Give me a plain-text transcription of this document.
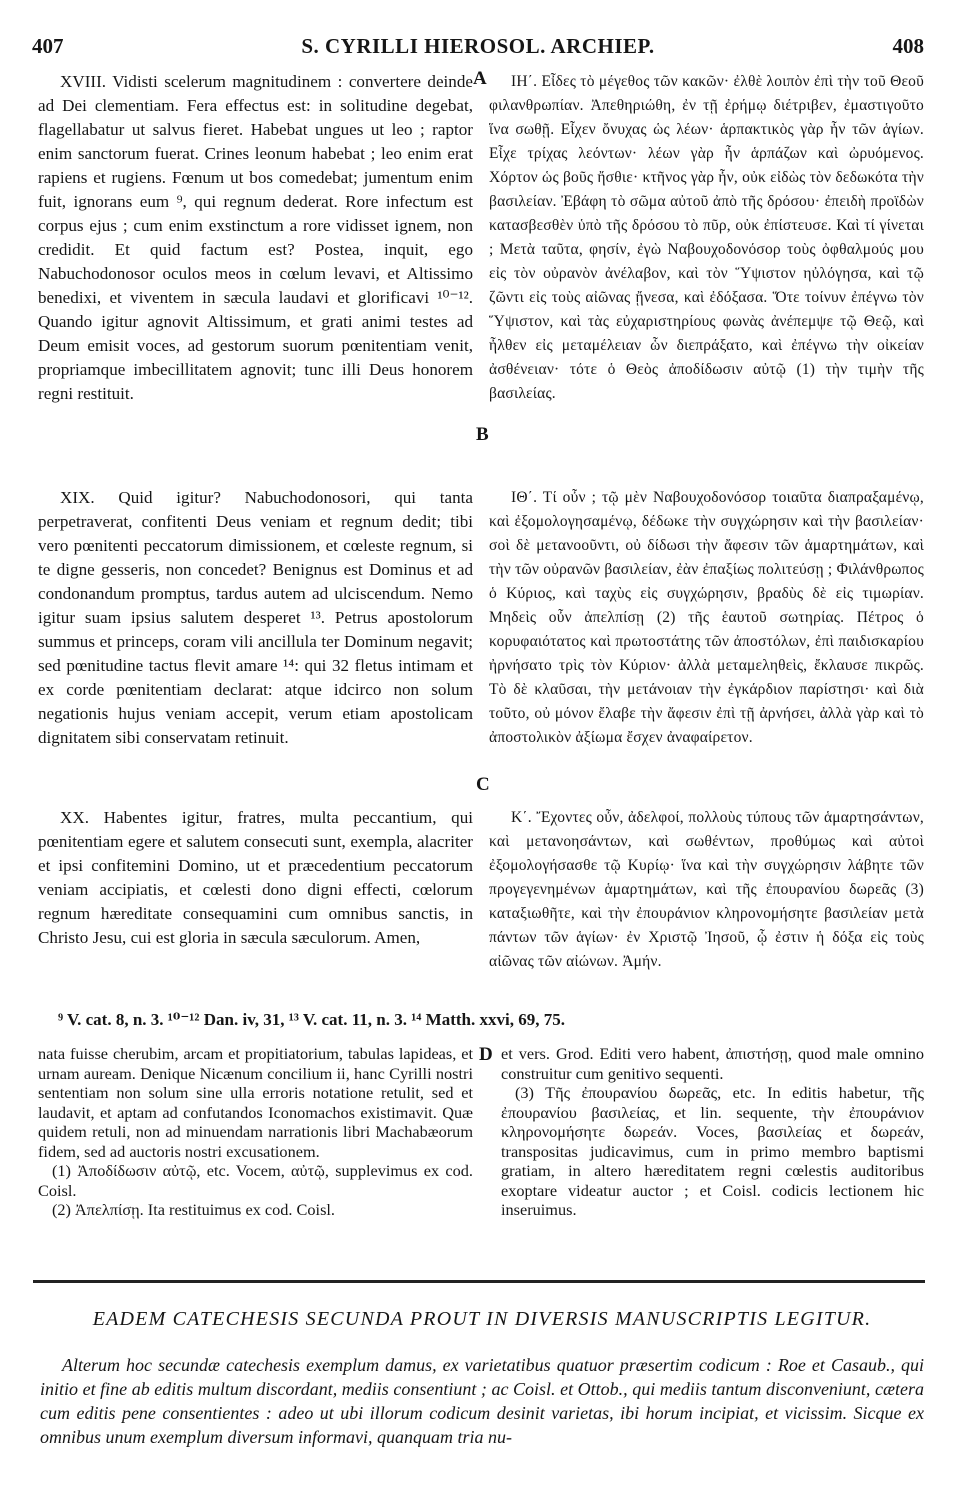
407	S. CYRILLI HIEROSOL. ARCHIEP.	408

XVIII. Vidisti scelerum magnitudinem : convertere deinde ad Dei clementiam. Fera effectus est: in solitudine degebat, flagellabatur ut salvus fieret. Habebat ungues ut leo ; raptor enim sanctorum fuerat. Crines leonum habebat ; leo enim erat rapiens et rugiens. Fœnum ut bos comedebat; jumentum enim fuit, ignorans eum ⁹, qui regnum dederat. Rore infectum est corpus ejus ; cum enim exstinctum a rore vidisset ignem, non credidit. Et quid factum est? Postea, inquit, ego Nabuchodonosor oculos meos in cœlum levavi, et Altissimo benedixi, et viventem in sæcula laudavi et glorificavi ¹⁰⁻¹². Quando igitur agnovit Altissimum, et grati animi testes ad Deum emisit voces, ad gestorum suorum pœnitentiam venit, propriamque imbecillitatem agnovit; tunc illi Deus honorem regni restituit.

XIX. Quid igitur? Nabuchodonosori, qui tanta perpetraverat, confitenti Deus veniam et regnum dedit; tibi vero pœnitenti peccatorum dimissionem, et cœleste regnum, si te digne gesseris, non concedet? Benignus est Dominus et ad condonandum promptus, tardus autem ad ulciscendum. Nemo igitur suam ipsius salutem desperet ¹³. Petrus apostolorum summus et princeps, coram vili ancillula ter Dominum negavit; sed pœnitudine tactus flevit amare ¹⁴: qui 32 fletus intimam et ex corde pœnitentiam declarat: atque idcirco non solum negationis hujus veniam accepit, verum etiam apostolicam dignitatem sibi conservatam retinuit.

XX. Habentes igitur, fratres, multa peccantium, qui pœnitentiam egere et salutem consecuti sunt, exempla, alacriter et ipsi confitemini Domino, ut et præcedentium peccatorum veniam accipiatis, et cœlesti dono digni effecti, cœlorum regnum hæreditate consequamini cum omnibus sanctis, in Christo Jesu, cui est gloria in sæcula sæculorum. Amen,

ΙΗ΄. Εἶδες τὸ μέγεθος τῶν κακῶν· ἐλθὲ λοιπὸν ἐπὶ τὴν τοῦ Θεοῦ φιλανθρωπίαν. Ἀπεθηριώθη, ἐν τῇ ἐρήμῳ διέτριβεν, ἐμαστιγοῦτο ἵνα σωθῇ. Εἶχεν ὄνυχας ὡς λέων· ἁρπακτικὸς γὰρ ἦν τῶν ἁγίων. Εἶχε τρίχας λεόντων· λέων γὰρ ἦν ἁρπάζων καὶ ὠρυόμενος. Χόρτον ὡς βοῦς ἤσθιε· κτῆνος γὰρ ἦν, οὐκ εἰδὼς τὸν δεδωκότα τὴν βασιλείαν. Ἐβάφη τὸ σῶμα αὐτοῦ ἀπὸ τῆς δρόσου· ἐπειδὴ προϊδὼν κατασβεσθὲν ὑπὸ τῆς δρόσου τὸ πῦρ, οὐκ ἐπίστευσε. Καὶ τί γίνεται ; Μετὰ ταῦτα, φησίν, ἐγὼ Ναβουχοδονόσορ τοὺς ὀφθαλμούς μου εἰς τὸν οὐρανὸν ἀνέλαβον, καὶ τὸν Ὕψιστον ηὐλόγησα, καὶ τῷ ζῶντι εἰς τοὺς αἰῶνας ᾔνεσα, καὶ ἐδόξασα. Ὅτε τοίνυν ἐπέγνω τὸν Ὕψιστον, καὶ τὰς εὐχαριστηρίους φωνὰς ἀνέπεμψε τῷ Θεῷ, καὶ ἦλθεν εἰς μεταμέλειαν ὧν διεπράξατο, καὶ ἐπέγνω τὴν οἰκείαν ἀσθένειαν· τότε ὁ Θεὸς ἀποδίδωσιν αὐτῷ (1) τὴν τιμὴν τῆς βασιλείας.

ΙΘ΄. Τί οὖν ; τῷ μὲν Ναβουχοδονόσορ τοιαῦτα διαπραξαμένῳ, καὶ ἐξομολογησαμένῳ, δέδωκε τὴν συγχώρησιν καὶ τὴν βασιλείαν· σοὶ δὲ μετανοοῦντι, οὐ δίδωσι τὴν ἄφεσιν τῶν ἁμαρτημάτων, καὶ τὴν τῶν οὐρανῶν βασιλείαν, ἐὰν ἐπαξίως πολιτεύσῃ ; Φιλάνθρωπος ὁ Κύριος, καὶ ταχὺς εἰς συγχώρησιν, βραδὺς δὲ εἰς τιμωρίαν. Μηδεὶς οὖν ἀπελπίσῃ (2) τῆς ἑαυτοῦ σωτηρίας. Πέτρος ὁ κορυφαιότατος καὶ πρωτοστάτης τῶν ἀποστόλων, ἐπὶ παιδισκαρίου ἠρνήσατο τρὶς τὸν Κύριον· ἀλλὰ μεταμεληθεὶς, ἔκλαυσε πικρῶς. Τὸ δὲ κλαῦσαι, τὴν μετάνοιαν τὴν ἐγκάρδιον παρίστησι· καὶ διὰ τοῦτο, οὐ μόνον ἔλαβε τὴν ἄφεσιν ἐπὶ τῇ ἀρνήσει, ἀλλὰ γὰρ καὶ τὸ ἀποστολικὸν ἀξίωμα ἔσχεν ἀναφαίρετον.

Κ΄. Ἔχοντες οὖν, ἀδελφοί, πολλοὺς τύπους τῶν ἁμαρτησάντων, καὶ μετανοησάντων, καὶ σωθέντων, προθύμως καὶ αὐτοὶ ἐξομολογήσασθε τῷ Κυρίῳ· ἵνα καὶ τὴν συγχώρησιν λάβητε τῶν προγεγενημένων ἁμαρτημάτων, καὶ τῆς ἐπουρανίου δωρεᾶς (3) καταξιωθῆτε, καὶ τὴν ἐπουράνιον κληρονομήσητε βασιλείαν μετὰ πάντων τῶν ἁγίων· ἐν Χριστῷ Ἰησοῦ, ᾧ ἐστιν ἡ δόξα εἰς τοὺς αἰῶνας τῶν αἰώνων. Ἀμήν.

A
B
C
D
⁹ V. cat. 8, n. 3. ¹⁰⁻¹² Dan. iv, 31, ¹³ V. cat. 11, n. 3. ¹⁴ Matth. xxvi, 69, 75.

nata fuisse cherubim, arcam et propitiatorium, tabulas lapideas, et urnam auream. Denique Nicænum concilium ii, hanc Cyrilli nostri sententiam non solum sine ulla erroris notatione retulit, sed et laudavit, et aptam ad confutandos Iconomachos existimavit. Quæ quidem retuli, non ad minuendam narrationis libri Machabæorum fidem, sed ad auctoris nostri excusationem.

(1) Ἀποδίδωσιν αὐτῷ, etc. Vocem, αὐτῷ, supplevimus ex cod. Coisl.

(2) Ἀπελπίσῃ. Ita restituimus ex cod. Coisl.

et vers. Grod. Editi vero habent, ἀπιστήσῃ, quod male omnino construitur cum genitivo sequenti.

(3) Τῆς ἐπουρανίου δωρεᾶς, etc. In editis habetur, τῆς ἐπουρανίου βασιλείας, et lin. sequente, τὴν ἐπουράνιον κληρονομήσητε δωρεάν. Voces, βασιλείας et δωρεάν, transpositas judicavimus, cum in primo membro baptismi gratiam, in altero hæreditatem regni cœlestis auditoribus exoptare videatur auctor ; et Coisl. codicis lectionem hic inseruimus.

EADEM CATECHESIS SECUNDA PROUT IN DIVERSIS MANUSCRIPTIS LEGITUR.

Alterum hoc secundæ catechesis exemplum damus, ex varietatibus quatuor præsertim codicum : Roe et Casaub., qui initio et fine ab editis multum discordant, mediis consentiunt ; ac Coisl. et Ottob., qui mediis tantum disconveniunt, cætera cum editis pene consentientes : adeo ut ubi illorum codicum desinit varietas, ibi horum incipiat, et vicissim. Sicque ex omnibus unum exemplum diversum informavi, quanquam tria nu-
